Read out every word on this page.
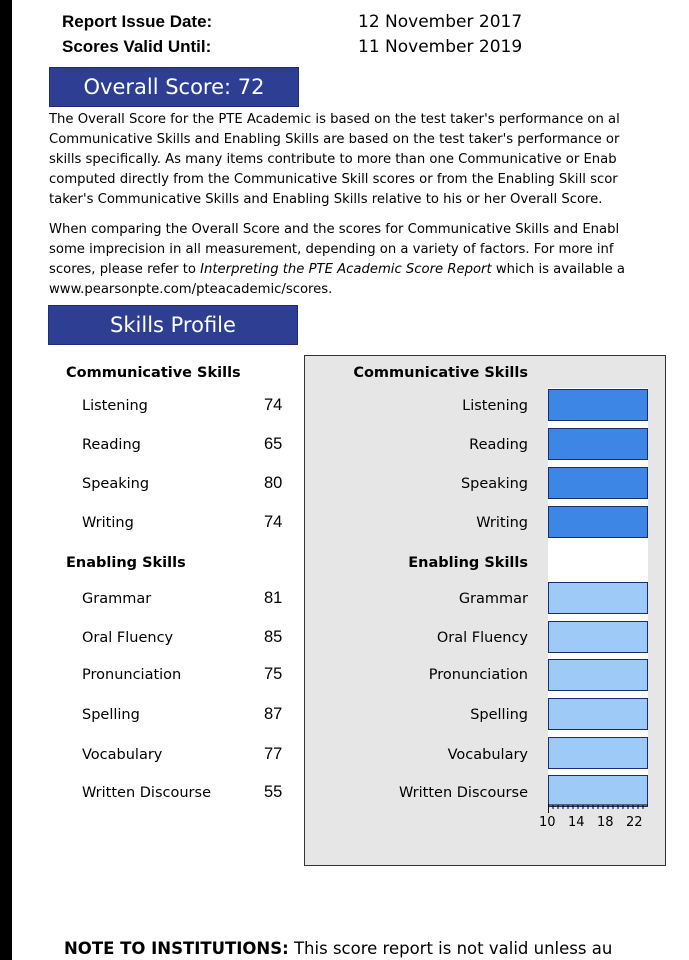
Report Issue Date:	12 November 2017
Scores Valid Until:	11 November 2019
Overall Score: 72
The Overall Score for the PTE Academic is based on the test taker's performance on al
Communicative Skills and Enabling Skills are based on the test taker's performance or
skills specifically. As many items contribute to more than one Communicative or Enab
computed directly from the Communicative Skill scores or from the Enabling Skill scor
taker's Communicative Skills and Enabling Skills relative to his or her Overall Score.
When comparing the Overall Score and the scores for Communicative Skills and Enabl
some imprecision in all measurement, depending on a variety of factors. For more inf
scores, please refer to Interpreting the PTE Academic Score Report which is available a
www.pearsonpte.com/pteacademic/scores.
Skills Profile
Communicative Skills
Listening	74
Reading	65
Speaking	80
Writing	74
Enabling Skills
Grammar	81
Oral Fluency	85
Pronunciation	75
Spelling	87
Vocabulary	77
Written Discourse	55
Communicative Skills
Listening
Reading
Speaking
Writing
Enabling Skills
Grammar
Oral Fluency
Pronunciation
Spelling
Vocabulary
Written Discourse
10 14 18 22
NOTE TO INSTITUTIONS: This score report is not valid unless au
